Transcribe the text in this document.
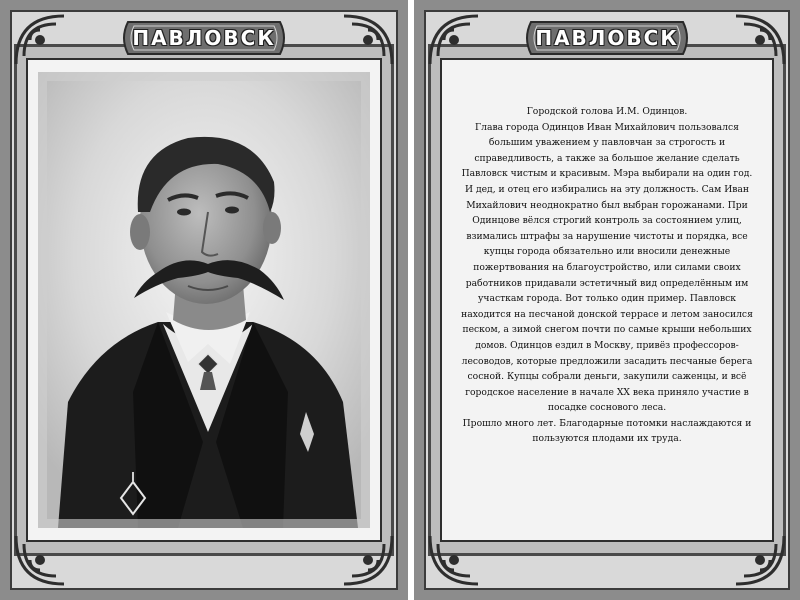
ПАВЛОВСК	ПАВЛОВСК

Городской голова И.М. Одинцов.

Глава города Одинцов Иван Михайлович пользовался большим уважением у павловчан за строгость и справедливость, а также за большое желание сделать Павловск чистым и красивым. Мэра выбирали на один год. И дед, и отец его избирались на эту должность. Сам Иван Михайлович неоднократно был выбран горожанами. При Одинцове вёлся строгий контроль за состоянием улиц, взимались штрафы за нарушение чистоты и порядка, все купцы города обязательно или вносили денежные пожертвования на благоустройство, или силами своих работников придавали эстетичный вид определённым им участкам города. Вот только один пример. Павловск находится на песчаной донской террасе и летом заносился песком, а зимой снегом почти по самые крыши небольших домов. Одинцов ездил в Москву, привёз профессоров-лесоводов, которые предложили засадить песчаные берега сосной. Купцы собрали деньги, закупили саженцы, и всё городское население в начале XX века приняло участие в посадке соснового леса.

Прошло много лет. Благодарные потомки наслаждаются и пользуются плодами их труда.
